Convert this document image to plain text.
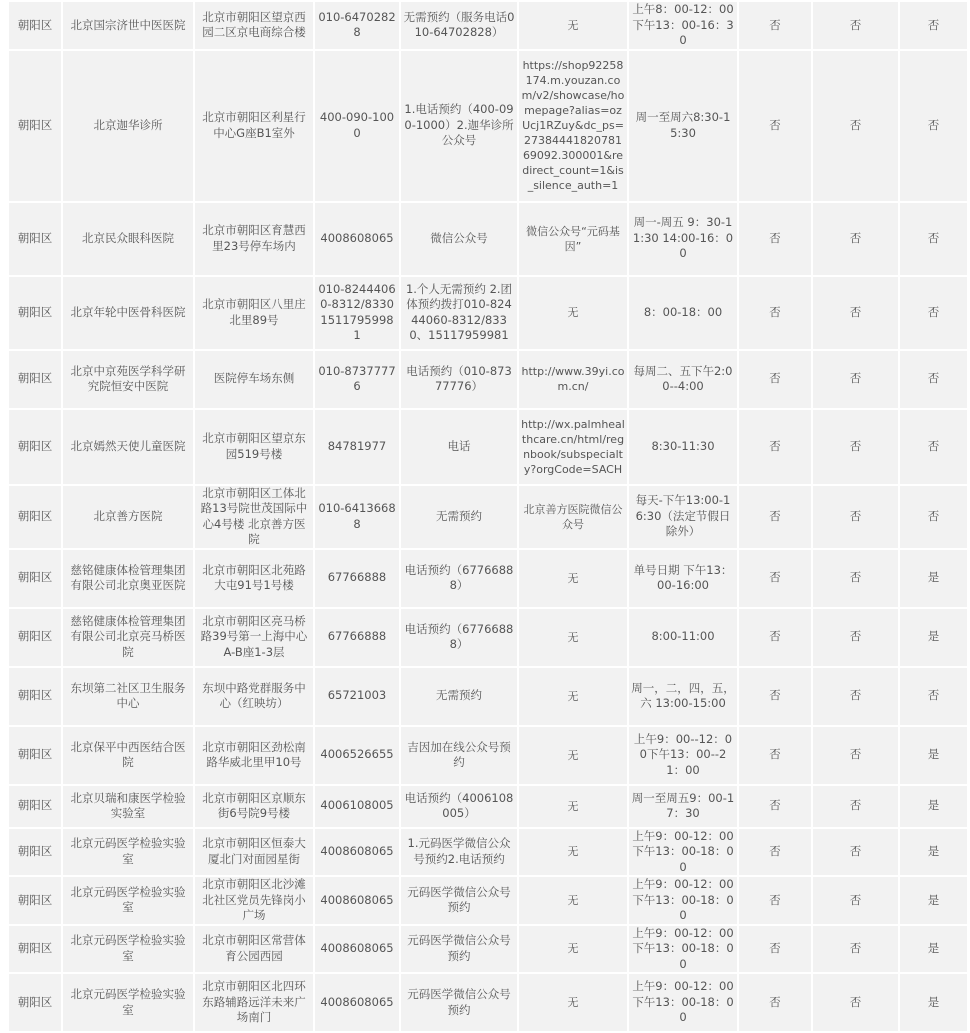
朝阳区	北京国宗济世中医医院	北京市朝阳区望京西园二区京电商综合楼	010-64702828	无需预约（服务电话010-64702828）	无	上午8：00-12：00下午13：00-16：30	否	否	否
朝阳区	北京迦华诊所	北京市朝阳区利星行中心G座B1室外	400-090-1000	1.电话预约（400-090-1000）2.迦华诊所公众号	https://shop92258174.m.youzan.com/v2/showcase/homepage?alias=ozUcj1RZuy&dc_ps=2738444182078169092.300001&redirect_count=1&is_silence_auth=1	周一至周六8:30-15:30	否	否	否
朝阳区	北京民众眼科医院	北京市朝阳区育慧西里23号停车场内	4008608065	微信公众号	微信公众号“元码基因”	周一-周五 9：30-11:30 14:00-16：00	否	否	否
朝阳区	北京年轮中医骨科医院	北京市朝阳区八里庄北里89号	010-82444060-8312/8330 15117959981	1.个人无需预约 2.团体预约拨打010-82444060-8312/8330、15117959981	无	8：00-18：00	否	否	否
朝阳区	北京中京苑医学科学研究院恒安中医院	医院停车场东侧	010-87377776	电话预约（010-87377776）	http://www.39yi.com.cn/	每周二、五下午2:00--4:00	否	否	否
朝阳区	北京嫣然天使儿童医院	北京市朝阳区望京东园519号楼	84781977	电话	http://wx.palmhealthcare.cn/html/regnbook/subspecialty?orgCode=SACH	8:30-11:30	否	否	否
朝阳区	北京善方医院	北京市朝阳区工体北路13号院世茂国际中心4号楼 北京善方医院	010-64136688	无需预约	北京善方医院微信公众号	每天-下午13:00-16:30（法定节假日除外）	否	否	否
朝阳区	慈铭健康体检管理集团有限公司北京奥亚医院	北京市朝阳区北苑路大屯91号1号楼	67766888	电话预约（67766888）	无	单号日期 下午13：00-16:00	否	否	是
朝阳区	慈铭健康体检管理集团有限公司北京亮马桥医院	北京市朝阳区亮马桥路39号第一上海中心A-B座1-3层	67766888	电话预约（67766888）	无	8:00-11:00	否	否	是
朝阳区	东坝第二社区卫生服务中心	东坝中路党群服务中心（红映坊）	65721003	无需预约	无	周一，二，四，五，六 13:00-15:00	否	否	否
朝阳区	北京保平中西医结合医院	北京市朝阳区劲松南路华威北里甲10号	4006526655	吉因加在线公众号预约	无	上午9：00--12：00下午13：00--21：00	否	否	是
朝阳区	北京贝瑞和康医学检验实验室	北京市朝阳区京顺东街6号院9号楼	4006108005	电话预约（4006108005）	无	周一至周五9：00-17：30	否	否	是
朝阳区	北京元码医学检验实验室	北京市朝阳区恒泰大厦北门对面园星街	4008608065	1.元码医学微信公众号预约2.电话预约	无	上午9：00-12：00下午13：00-18：00	否	否	是
朝阳区	北京元码医学检验实验室	北京市朝阳区北沙滩北社区党员先锋岗小广场	4008608065	元码医学微信公众号预约	无	上午9：00-12：00下午13：00-18：00	否	否	是
朝阳区	北京元码医学检验实验室	北京市朝阳区常营体育公园西园	4008608065	元码医学微信公众号预约	无	上午9：00-12：00下午13：00-18：00	否	否	是
朝阳区	北京元码医学检验实验室	北京市朝阳区北四环东路辅路远洋未来广场南门	4008608065	元码医学微信公众号预约	无	上午9：00-12：00下午13：00-18：00	否	否	是
